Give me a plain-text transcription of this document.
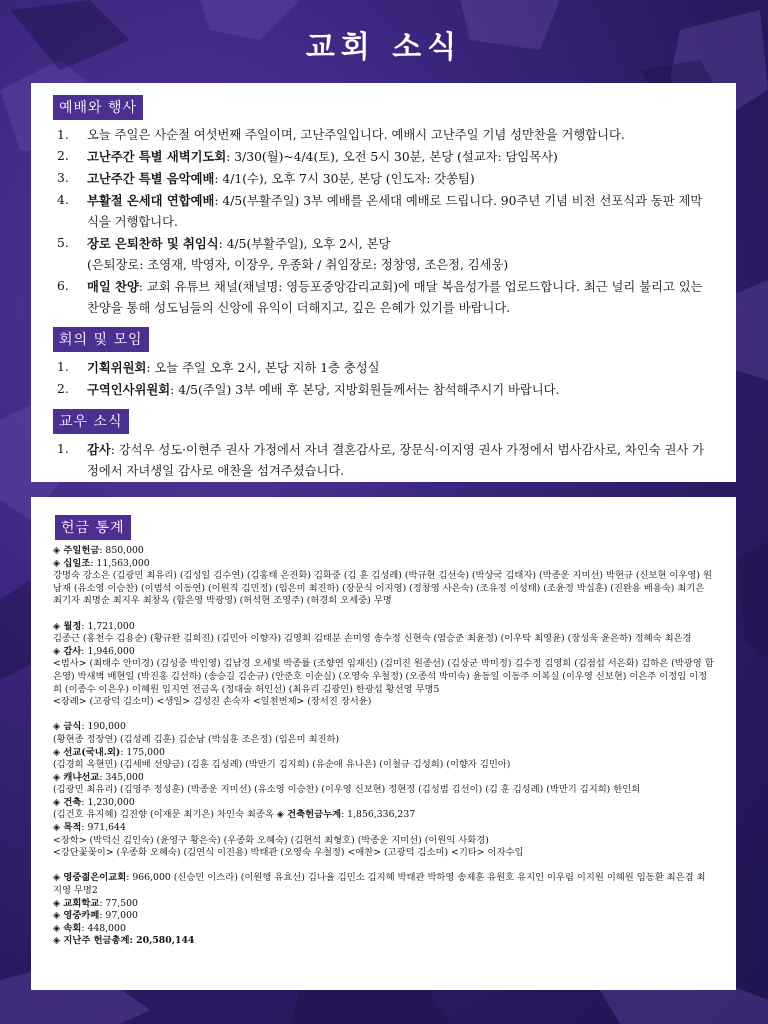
교회 소식
예배와 행사
1. 오늘 주일은 사순절 여섯번째 주일이며, 고난주일입니다. 예배시 고난주일 기념 성만찬을 거행합니다.
2. 고난주간 특별 새벽기도회: 3/30(월)~4/4(토), 오전 5시 30분, 본당 (설교자: 담임목사)
3. 고난주간 특별 음악예배: 4/1(수), 오후 7시 30분, 본당 (인도자: 갓쏭팀)
4. 부활절 온세대 연합예배: 4/5(부활주일) 3부 예배를 온세대 예배로 드립니다. 90주년 기념 비전 선포식과 동판 제막식을 거행합니다.
5. 장로 은퇴찬하 및 취임식: 4/5(부활주일), 오후 2시, 본당
(은퇴장로: 조영재, 박영자, 이장우, 우종화 / 취임장로: 정창영, 조은정, 김세웅)
6. 매일 찬양: 교회 유튜브 채널(채널명: 영등포중앙감리교회)에 매달 복음성가를 업로드합니다. 최근 널리 불리고 있는 찬양을 통해 성도님들의 신앙에 유익이 더해지고, 깊은 은혜가 있기를 바랍니다.
회의 및 모임
1. 기획위원회: 오늘 주일 오후 2시, 본당 지하 1층 충성실
2. 구역인사위원회: 4/5(주일) 3부 예배 후 본당, 지방회원들께서는 참석해주시기 바랍니다.
교우 소식
1. 감사: 강석우 성도·이현주 권사 가정에서 자녀 결혼감사로, 장문식·이지영 권사 가정에서 범사감사로, 차인숙 권사 가정에서 자녀생일 감사로 애찬을 섬겨주셨습니다.
헌금 통계

◈ 주일헌금: 850,000

◈ 십일조: 11,563,000

강명숙 강소은 (김광민 최유리) (김성일 김수연) (김홍태 은진화) 김화중 (김 훈 김성례) (박규현 김선숙) (박상국 김태자) (박종운 지미선) 박현규 (신보현 이우영) 원남재 (유소영 이승찬) (이범석 이동연) (이원직 김민정) (임은미 최진하) (장문식 이지영) (정창영 사은숙) (조유정 이성태) (조윤정 박십훈) (진완용 배용숙) 최기은 최기자 최명순 최지우 최창옥 (함은영 박광영) (허석현 조영주) (허경희 오세중) 무명

◈ 월정: 1,721,000

김종근 (홍천수 김용순) (황규완 김희진) (김민아 이향자) 김영희 김태분 손미영 송수정 신현숙 (염승준 최윤정) (이우탁 최영윤) (장성욱 윤은하) 정혜숙 최은경

◈ 감사: 1,946,000

<범사> (최태수 안미경) (김성중 박인영) 김남경 오세빛 박종률 (조향연 임재신) (김미진 원종선) (김상군 박미정) 김수정 김영희 (김점섭 서은화) 김하은 (박광영 함은영) 박새벽 배현일 (박진홍 김선하) (송승길 김순규) (안준호 이순실) (오영숙 우철정) (오종석 박미숙) 윤동일 이동주 이복실 (이우영 신보현) 이은주 이정임 이정희 (이종수 이은우) 이혜원 임지연 전금옥 (정대술 허인선) (최유리 김광민) 한광섭 황선영 무명5

<장례> (고광덕 김소미) <생일> 김성진 손숙자 <일천번제> (장서진 장서윤)

◈ 금식: 190,000

(황현종 정장연) (김성례 김훈) 김순남 (박심훈 조은정) (임은미 최진하)

◈ 선교(국내.외): 175,000

(김경희 옥현민) (김세배 선양금) (김훈 김성례) (박만기 김지희) (유순애 유나은) (이철규 김성희) (이향자 김민아)

◈ 캐냐선교: 345,000

(김광민 최유리) (김영주 정성훈) (박종운 지미선) (유소영 이승찬) (이우영 신보현) 정현정 (김성범 김선이) (김 훈 김성례) (박만기 김지희) 한인희

◈ 건축: 1,230,000

(김건호 유지혜) 김진향 (이재문 최기은) 차인숙 최종옥 ◈ 건축헌금누계: 1,856,336,237

◈ 목적: 971,644

<장학> (박덕신 김인숙) (윤영구 황은숙) (우종화 오혜숙) (김현석 최형호) (박종운 지미선) (이원익 사화경)

<강단꽃꽂이> (우종화 오혜숙) (김연식 이진용) 박태관 (오영숙 우철정) <애찬> (고광덕 김소미) <기타> 이자수입

◈ 영중젊은이교회: 966,000 (신승민 이스라) (이원행 유효선) 김나율 김민소 김지혜 박태관 박하영 송제훈 유원호 유지인 이우림 이지원 이혜원 임동환 최은겸 최지영 무명2

◈ 교회학교: 77,500

◈ 영중카페: 97,000

◈ 속회: 448,000

◈ 지난주 헌금총계: 20,580,144
